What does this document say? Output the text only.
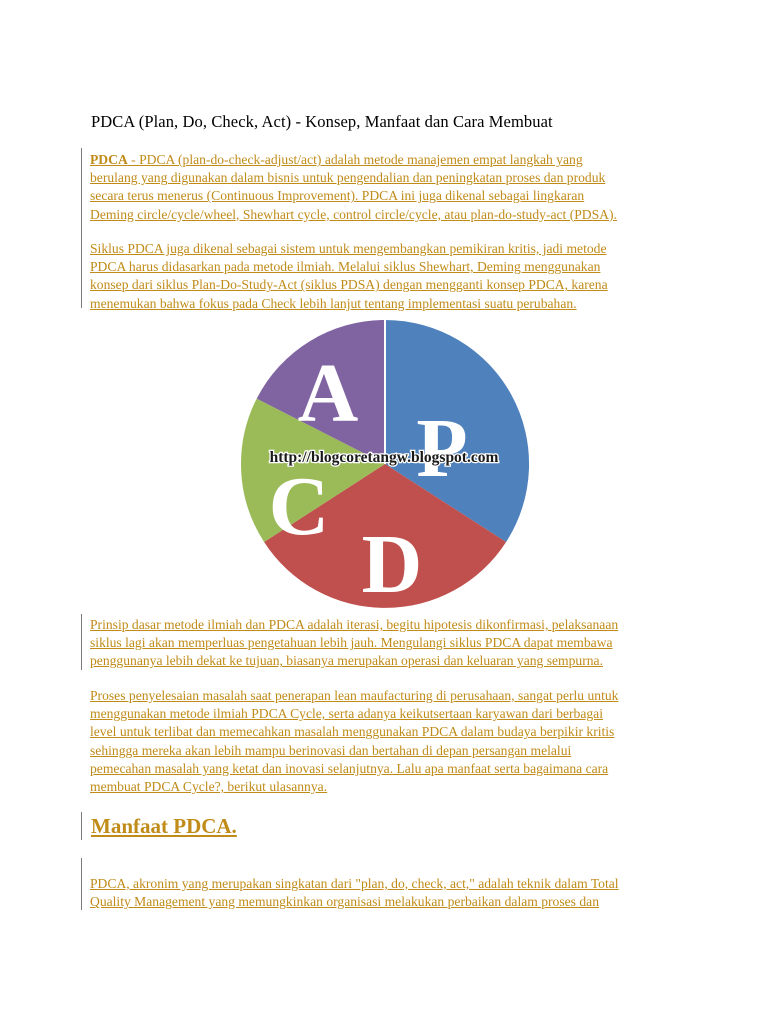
PDCA (Plan, Do, Check, Act) - Konsep, Manfaat dan Cara Membuat
PDCA - PDCA (plan-do-check-adjust/act) adalah metode manajemen empat langkah yang
berulang yang digunakan dalam bisnis untuk pengendalian dan peningkatan proses dan produk
secara terus menerus (Continuous Improvement). PDCA ini juga dikenal sebagai lingkaran
Deming circle/cycle/wheel, Shewhart cycle, control circle/cycle, atau plan-do-study-act (PDSA).
Siklus PDCA juga dikenal sebagai sistem untuk mengembangkan pemikiran kritis, jadi metode
PDCA harus didasarkan pada metode ilmiah. Melalui siklus Shewhart, Deming menggunakan
konsep dari siklus Plan-Do-Study-Act (siklus PDSA) dengan mengganti konsep PDCA, karena
menemukan bahwa fokus pada Check lebih lanjut tentang implementasi suatu perubahan.
A
P
C
D
http://blogcoretangw.blogspot.com
Prinsip dasar metode ilmiah dan PDCA adalah iterasi, begitu hipotesis dikonfirmasi, pelaksanaan
siklus lagi akan memperluas pengetahuan lebih jauh. Mengulangi siklus PDCA dapat membawa
penggunanya lebih dekat ke tujuan, biasanya merupakan operasi dan keluaran yang sempurna.
Proses penyelesaian masalah saat penerapan lean maufacturing di perusahaan, sangat perlu untuk
menggunakan metode ilmiah PDCA Cycle, serta adanya keikutsertaan karyawan dari berbagai
level untuk terlibat dan memecahkan masalah menggunakan PDCA dalam budaya berpikir kritis
sehingga mereka akan lebih mampu berinovasi dan bertahan di depan persangan melalui
pemecahan masalah yang ketat dan inovasi selanjutnya. Lalu apa manfaat serta bagaimana cara
membuat PDCA Cycle?, berikut ulasannya.
Manfaat PDCA.
PDCA, akronim yang merupakan singkatan dari "plan, do, check, act," adalah teknik dalam Total
Quality Management yang memungkinkan organisasi melakukan perbaikan dalam proses dan
